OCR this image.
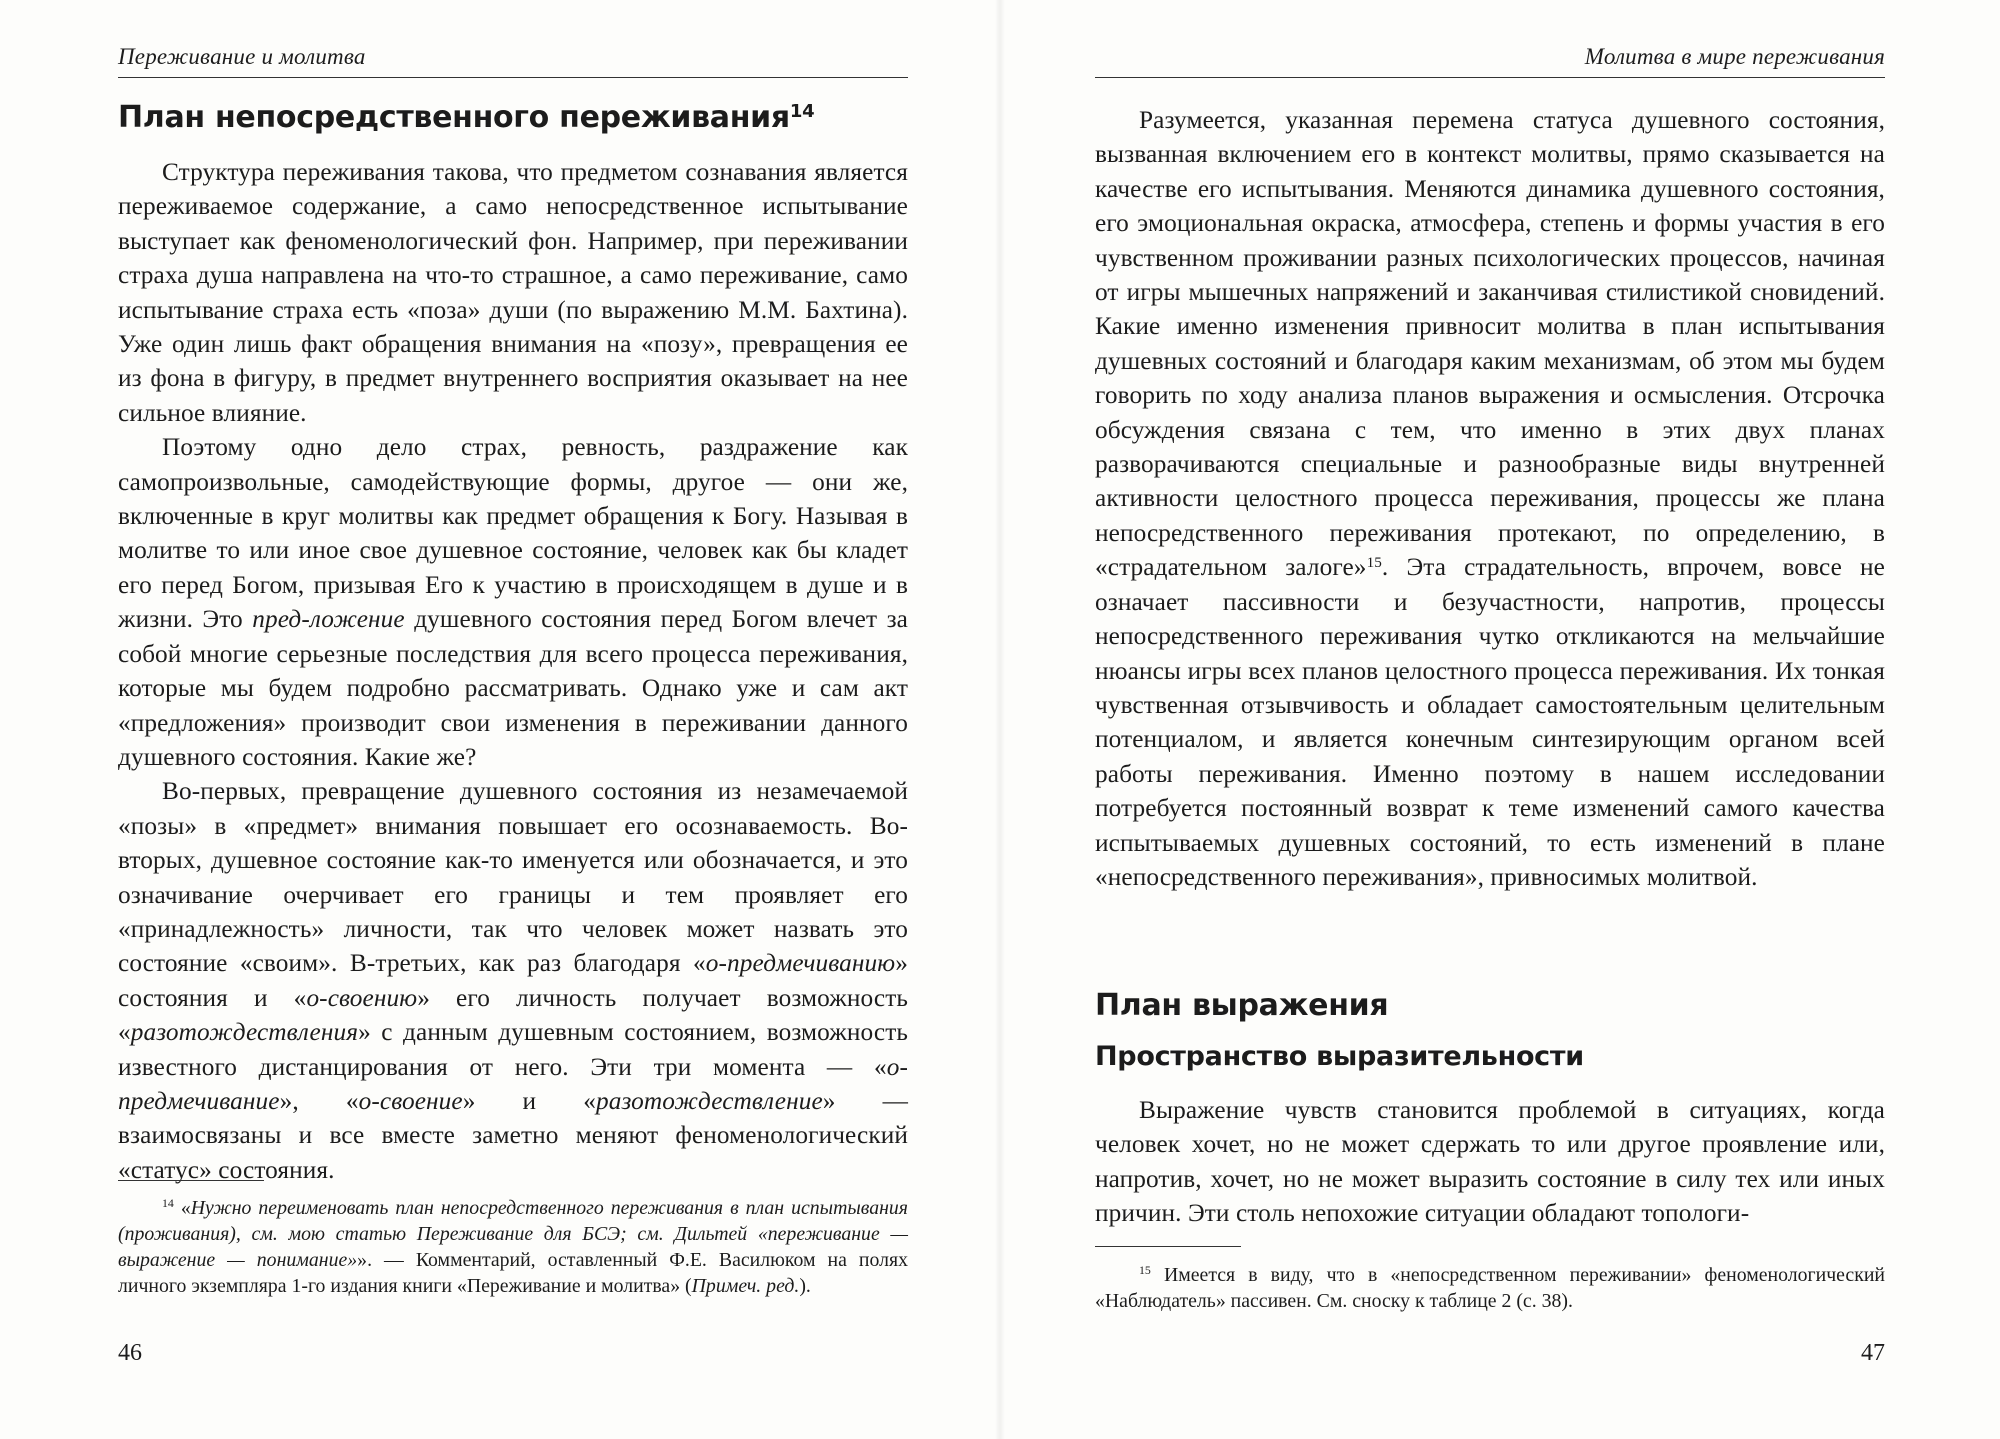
Переживание и молитва
План непосредственного переживания$^{14}$

Структура переживания такова, что предметом сознавания является переживаемое содержание, а само непосредственное испытывание выступает как феноменологический фон. Например, при переживании страха душа направлена на что-то страшное, а само переживание, само испытывание страха есть «поза» души (по выражению М.М. Бахтина). Уже один лишь факт обращения внимания на «позу», превращения ее из фона в фигуру, в предмет внутреннего восприятия оказывает на нее сильное влияние.

Поэтому одно дело страх, ревность, раздражение как самопроизвольные, самодействующие формы, другое — они же, включенные в круг молитвы как предмет обращения к Богу. Называя в молитве то или иное свое душевное состояние, человек как бы кладет его перед Богом, призывая Его к участию в происходящем в душе и в жизни. Это пред-ложение душевного состояния перед Богом влечет за собой многие серьезные последствия для всего процесса переживания, которые мы будем подробно рассматривать. Однако уже и сам акт «предложения» производит свои изменения в переживании данного душевного состояния. Какие же?

Во-первых, превращение душевного состояния из незамечаемой «позы» в «предмет» внимания повышает его осознаваемость. Во-вторых, душевное состояние как-то именуется или обозначается, и это означивание очерчивает его границы и тем проявляет его «принадлежность» личности, так что человек может назвать это состояние «своим». В-третьих, как раз благодаря «о-предмечиванию» состояния и «о-своению» его личность получает возможность «разотождествления» с данным душевным состоянием, возможность известного дистанцирования от него. Эти три момента — «о-предмечивание», «о-своение» и «разотождествление» — взаимосвязаны и все вместе заметно меняют феноменологический «статус» состояния.

$^{14}$ «Нужно переименовать план непосредственного переживания в план испытывания (проживания), см. мою статью Переживание для БСЭ; см. Дильтей «переживание — выражение — понимание»». — Комментарий, оставленный Ф.Е. Василюком на полях личного экземпляра 1-го издания книги «Переживание и молитва» (Примеч. ред.).

46
Молитва в мире переживания

Разумеется, указанная перемена статуса душевного состояния, вызванная включением его в контекст молитвы, прямо сказывается на качестве его испытывания. Меняются динамика душевного состояния, его эмоциональная окраска, атмосфера, степень и формы участия в его чувственном проживании разных психологических процессов, начиная от игры мышечных напряжений и заканчивая стилистикой сновидений. Какие именно изменения привносит молитва в план испытывания душевных состояний и благодаря каким механизмам, об этом мы будем говорить по ходу анализа планов выражения и осмысления. Отсрочка обсуждения связана с тем, что именно в этих двух планах разворачиваются специальные и разнообразные виды внутренней активности целостного процесса переживания, процессы же плана непосредственного переживания протекают, по определению, в «страдательном залоге»$^{15}$. Эта страдательность, впрочем, вовсе не означает пассивности и безучастности, напротив, процессы непосредственного переживания чутко откликаются на мельчайшие нюансы игры всех планов целостного процесса переживания. Их тонкая чувственная отзывчивость и обладает самостоятельным целительным потенциалом, и является конечным синтезирующим органом всей работы переживания. Именно поэтому в нашем исследовании потребуется постоянный возврат к теме изменений самого качества испытываемых душевных состояний, то есть изменений в плане «непосредственного переживания», привносимых молитвой.

План выражения
Пространство выразительности

Выражение чувств становится проблемой в ситуациях, когда человек хочет, но не может сдержать то или другое проявление или, напротив, хочет, но не может выразить состояние в силу тех или иных причин. Эти столь непохожие ситуации обладают топологи-

$^{15}$ Имеется в виду, что в «непосредственном переживании» феноменологический «Наблюдатель» пассивен. См. сноску к таблице 2 (с. 38).

47
